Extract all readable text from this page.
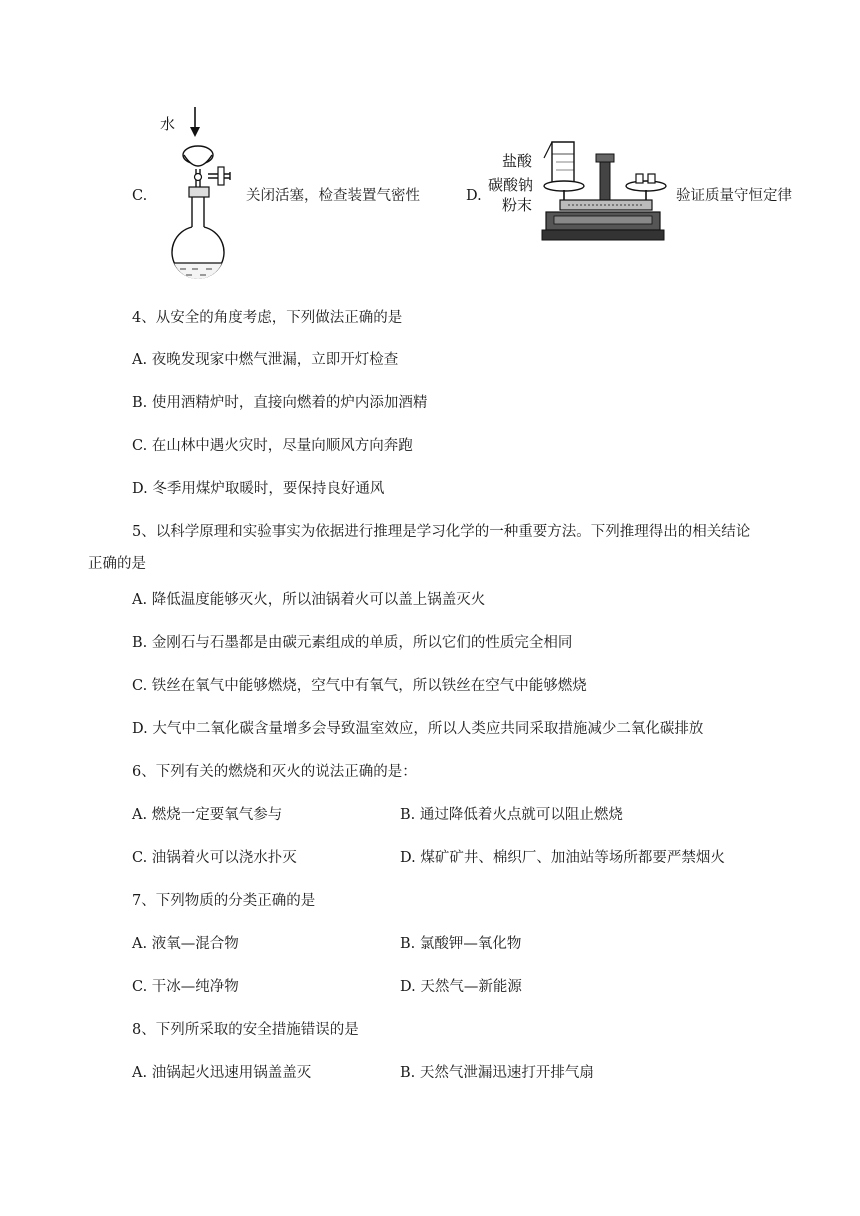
C.
水
关闭活塞，检查装置气密性	D.
盐酸
碳酸钠
粉末	验证质量守恒定律
4、从安全的角度考虑，下列做法正确的是
A. 夜晚发现家中燃气泄漏，立即开灯检查
B. 使用酒精炉时，直接向燃着的炉内添加酒精
C. 在山林中遇火灾时，尽量向顺风方向奔跑
D. 冬季用煤炉取暖时，要保持良好通风
5、以科学原理和实验事实为依据进行推理是学习化学的一种重要方法。下列推理得出的相关结论
正确的是
A. 降低温度能够灭火，所以油锅着火可以盖上锅盖灭火
B. 金刚石与石墨都是由碳元素组成的单质，所以它们的性质完全相同
C. 铁丝在氧气中能够燃烧，空气中有氧气，所以铁丝在空气中能够燃烧
D. 大气中二氧化碳含量增多会导致温室效应，所以人类应共同采取措施减少二氧化碳排放
6、下列有关的燃烧和灭火的说法正确的是：
A. 燃烧一定要氧气参与	B. 通过降低着火点就可以阻止燃烧
C. 油锅着火可以浇水扑灭	D. 煤矿矿井、棉织厂、加油站等场所都要严禁烟火
7、下列物质的分类正确的是
A. 液氧—混合物	B. 氯酸钾—氧化物
C. 干冰—纯净物	D. 天然气—新能源
8、下列所采取的安全措施错误的是
A. 油锅起火迅速用锅盖盖灭	B. 天然气泄漏迅速打开排气扇
